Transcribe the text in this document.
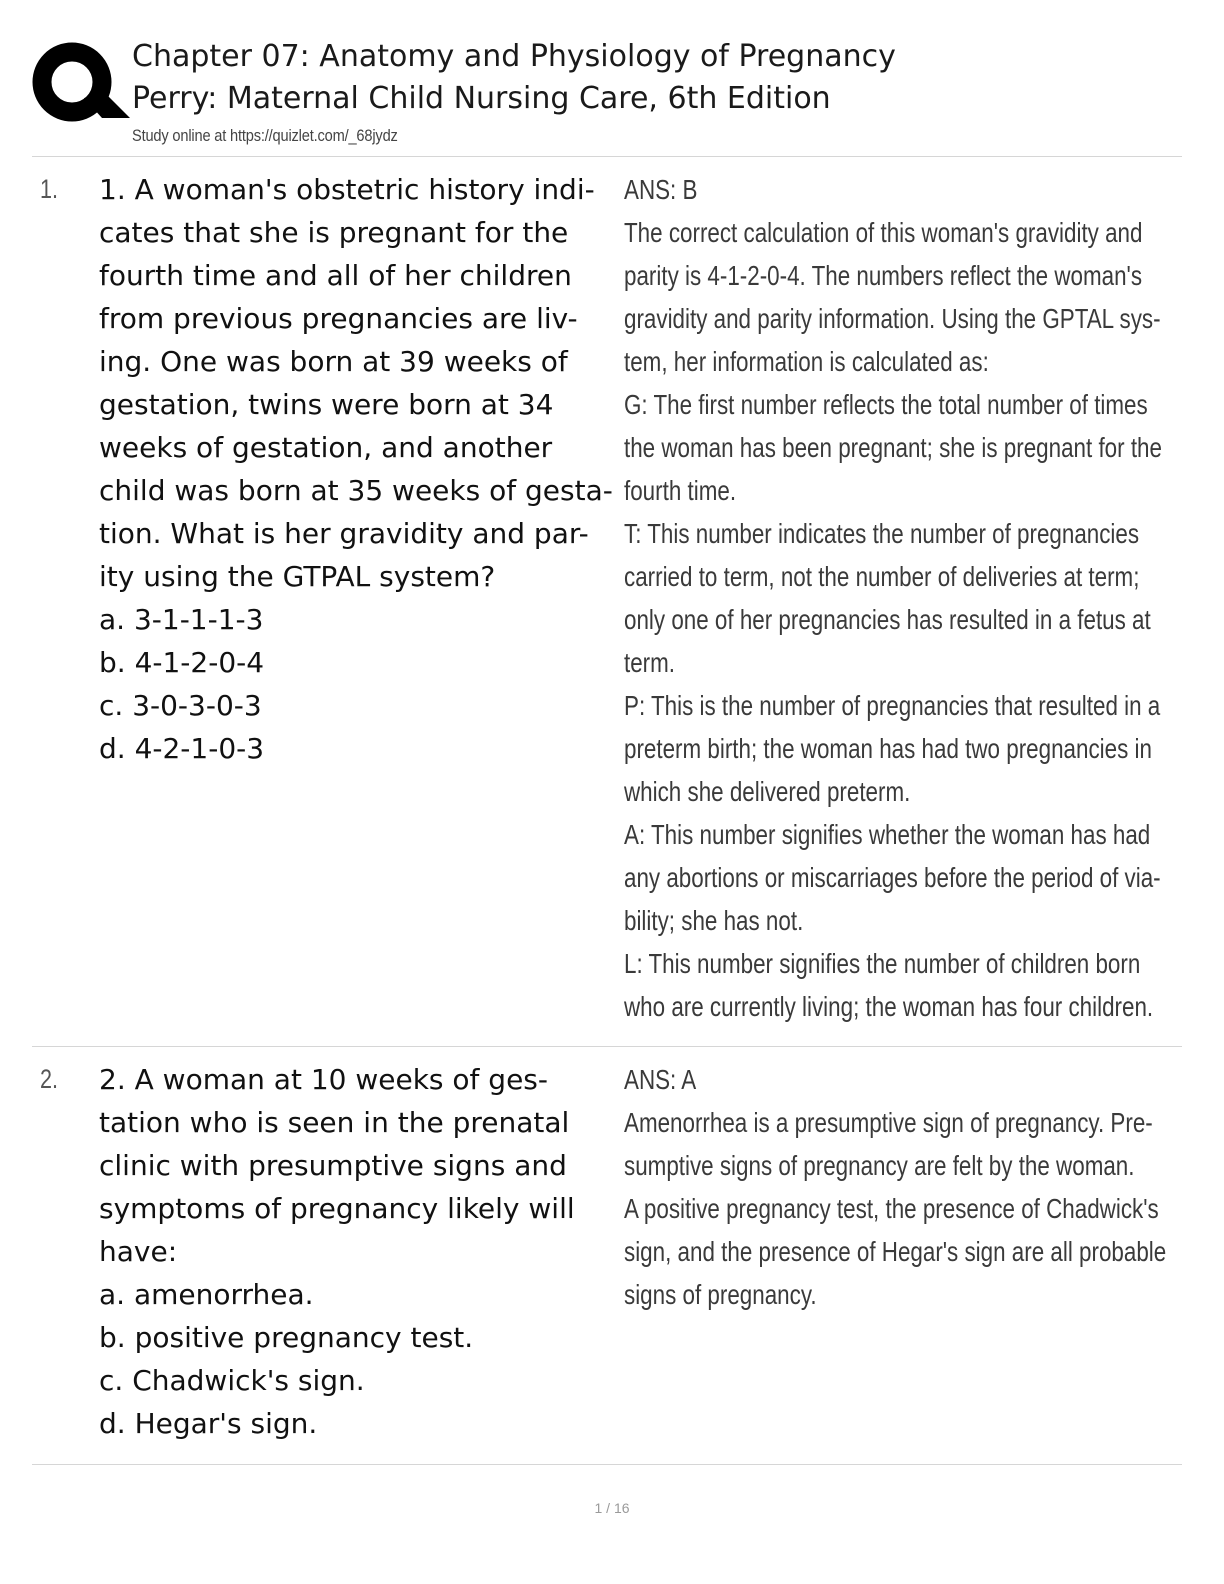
Chapter 07: Anatomy and Physiology of Pregnancy
Perry: Maternal Child Nursing Care, 6th Edition
Study online at https://quizlet.com/_68jydz
1. 1. A woman's obstetric history indi-
cates that she is pregnant for the
fourth time and all of her children
from previous pregnancies are liv-
ing. One was born at 39 weeks of
gestation, twins were born at 34
weeks of gestation, and another
child was born at 35 weeks of gesta-
tion. What is her gravidity and par-
ity using the GTPAL system?
a. 3-1-1-1-3
b. 4-1-2-0-4
c. 3-0-3-0-3
d. 4-2-1-0-3
ANS: B
The correct calculation of this woman's gravidity and
parity is 4-1-2-0-4. The numbers reflect the woman's
gravidity and parity information. Using the GPTAL sys-
tem, her information is calculated as:
G: The first number reflects the total number of times
the woman has been pregnant; she is pregnant for the
fourth time.
T: This number indicates the number of pregnancies
carried to term, not the number of deliveries at term;
only one of her pregnancies has resulted in a fetus at
term.
P: This is the number of pregnancies that resulted in a
preterm birth; the woman has had two pregnancies in
which she delivered preterm.
A: This number signifies whether the woman has had
any abortions or miscarriages before the period of via-
bility; she has not.
L: This number signifies the number of children born
who are currently living; the woman has four children.
2. 2. A woman at 10 weeks of ges-
tation who is seen in the prenatal
clinic with presumptive signs and
symptoms of pregnancy likely will
have:
a. amenorrhea.
b. positive pregnancy test.
c. Chadwick's sign.
d. Hegar's sign.
ANS: A
Amenorrhea is a presumptive sign of pregnancy. Pre-
sumptive signs of pregnancy are felt by the woman.
A positive pregnancy test, the presence of Chadwick's
sign, and the presence of Hegar's sign are all probable
signs of pregnancy.
1 / 16
